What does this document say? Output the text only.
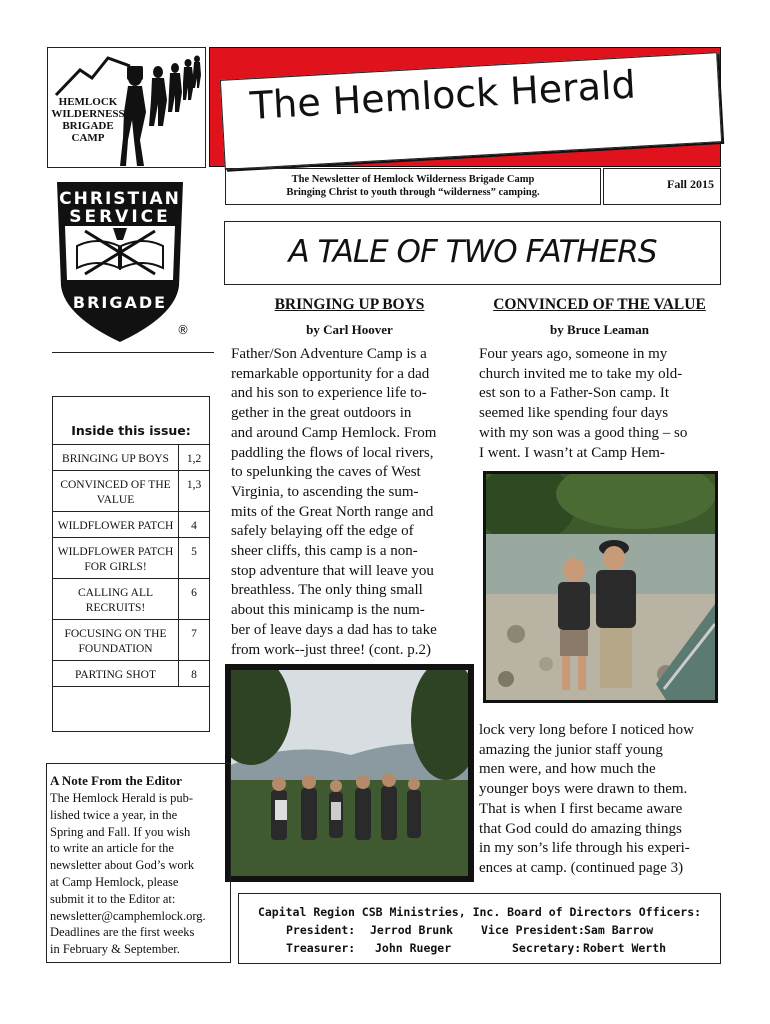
HEMLOCK
WILDERNESS
BRIGADE
CAMP
The Hemlock Herald
The Newsletter of Hemlock Wilderness Brigade Camp
Bringing Christ to youth through “wilderness” camping.
Fall 2015
CHRISTIAN
SERVICE
BRIGADE
®
A TALE OF TWO FATHERS
BRINGING UP BOYS
by Carl Hoover
Father/Son Adventure Camp is a
remarkable opportunity for a dad
and his son to experience life to-
gether in the great outdoors in
and around Camp Hemlock. From
paddling the flows of local rivers,
to spelunking the caves of West
Virginia, to ascending the sum-
mits of the Great North range and
safely belaying off the edge of
sheer cliffs, this camp is a non-
stop adventure that will leave you
breathless. The only thing small
about this minicamp is the num-
ber of leave days a dad has to take
from work--just three! (cont. p.2)
CONVINCED OF THE VALUE
by Bruce Leaman
Four years ago, someone in my
church invited me to take my old-
est son to a Father-Son camp. It
seemed like spending four days
with my son was a good thing – so
I went. I wasn’t at Camp Hem-
lock very long before I noticed how
amazing the junior staff young
men were, and how much the
younger boys were drawn to them.
That is when I first became aware
that God could do amazing things
in my son’s life through his experi-
ences at camp. (continued page 3)
Inside this issue:
BRINGING UP BOYS	1,2
CONVINCED OF THE VALUE	1,3
WILDFLOWER PATCH	4
WILDFLOWER PATCH FOR GIRLS!	5
CALLING ALL RECRUITS!	6
FOCUSING ON THE FOUNDATION	7
PARTING SHOT	8
A Note From the Editor
The Hemlock Herald is pub-
lished twice a year, in the
Spring and Fall. If you wish
to write an article for the
newsletter about God’s work
at Camp Hemlock, please
submit it to the Editor at:
newsletter@camphemlock.org.
Deadlines are the first weeks
in February & September.
Capital Region CSB Ministries, Inc. Board of Directors Officers:
President: Jerrod Brunk Vice President: Sam Barrow
Treasurer: John Rueger	Secretary: Robert Werth
